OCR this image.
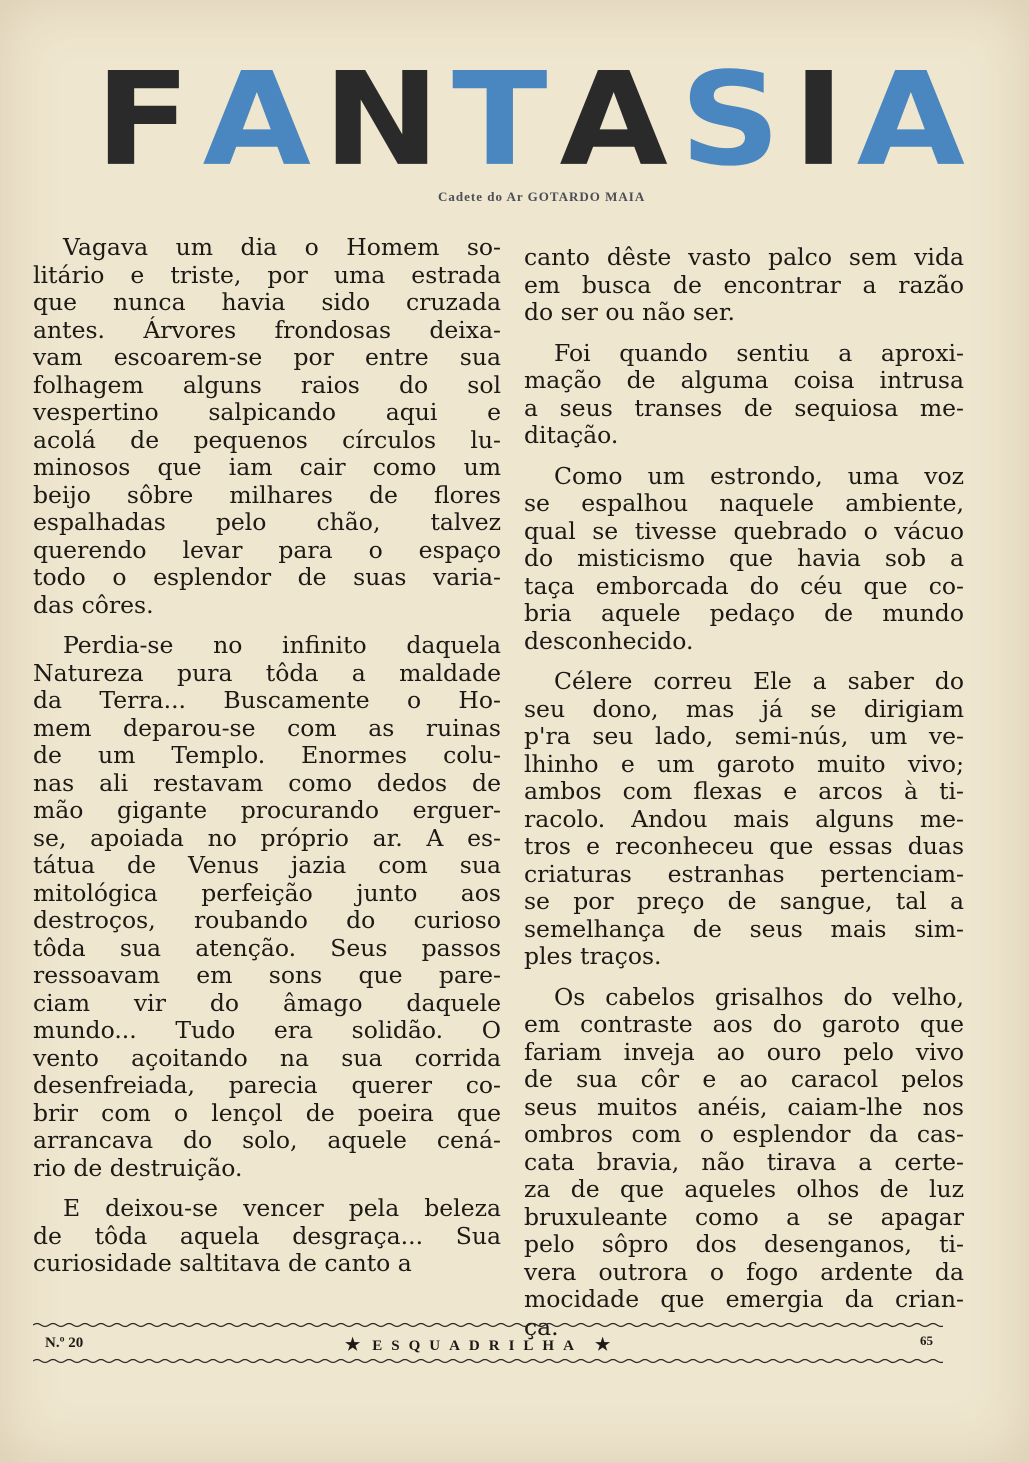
F A N T A S I A
Cadete do Ar GOTARDO MAIA
Vagava um dia o Homem so-
litário e triste, por uma estrada
que nunca havia sido cruzada
antes. Árvores frondosas deixa-
vam escoarem-se por entre sua
folhagem alguns raios do sol
vespertino salpicando aqui e
acolá de pequenos círculos lu-
minosos que iam cair como um
beijo sôbre milhares de flores
espalhadas pelo chão, talvez
querendo levar para o espaço
todo o esplendor de suas varia-
das côres.
Perdia-se no infinito daquela
Natureza pura tôda a maldade
da Terra... Buscamente o Ho-
mem deparou-se com as ruinas
de um Templo. Enormes colu-
nas ali restavam como dedos de
mão gigante procurando erguer-
se, apoiada no próprio ar. A es-
tátua de Venus jazia com sua
mitológica perfeição junto aos
destroços, roubando do curioso
tôda sua atenção. Seus passos
ressoavam em sons que pare-
ciam vir do âmago daquele
mundo... Tudo era solidão. O
vento açoitando na sua corrida
desenfreiada, parecia querer co-
brir com o lençol de poeira que
arrancava do solo, aquele cená-
rio de destruição.
E deixou-se vencer pela beleza
de tôda aquela desgraça... Sua
curiosidade saltitava de canto a
canto dêste vasto palco sem vida
em busca de encontrar a razão
do ser ou não ser.
Foi quando sentiu a aproxi-
mação de alguma coisa intrusa
a seus transes de sequiosa me-
ditação.
Como um estrondo, uma voz
se espalhou naquele ambiente,
qual se tivesse quebrado o vácuo
do misticismo que havia sob a
taça emborcada do céu que co-
bria aquele pedaço de mundo
desconhecido.
Célere correu Ele a saber do
seu dono, mas já se dirigiam
p'ra seu lado, semi-nús, um ve-
lhinho e um garoto muito vivo;
ambos com flexas e arcos à ti-
racolo. Andou mais alguns me-
tros e reconheceu que essas duas
criaturas estranhas pertenciam-
se por preço de sangue, tal a
semelhança de seus mais sim-
ples traços.
Os cabelos grisalhos do velho,
em contraste aos do garoto que
fariam inveja ao ouro pelo vivo
de sua côr e ao caracol pelos
seus muitos anéis, caiam-lhe nos
ombros com o esplendor da cas-
cata bravia, não tirava a certe-
za de que aqueles olhos de luz
bruxuleante como a se apagar
pelo sôpro dos desenganos, ti-
vera outrora o fogo ardente da
mocidade que emergia da crian-
ça.
N.º 20	★ ESQUADRILHA ★	65
